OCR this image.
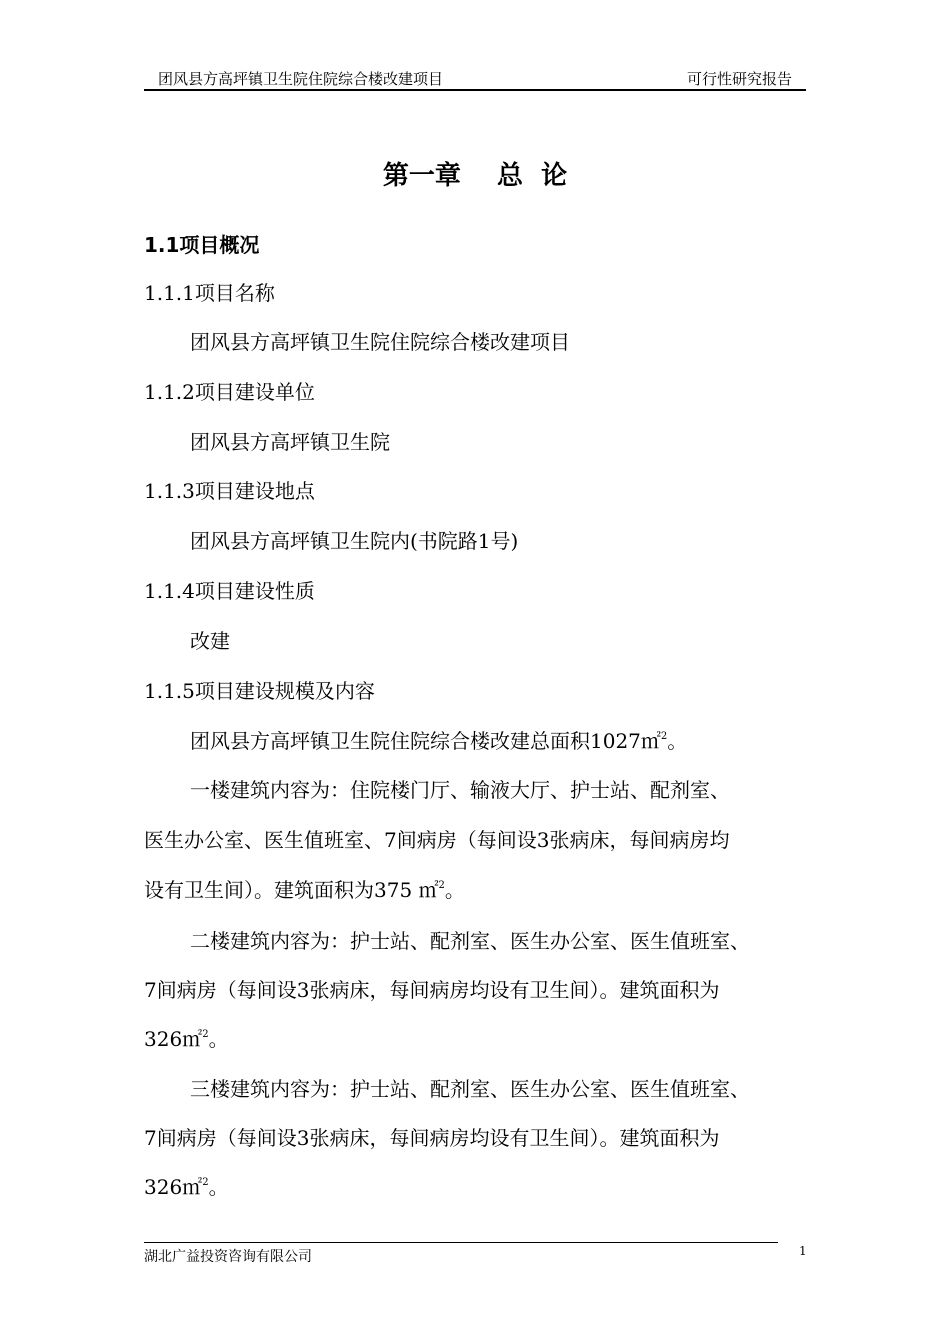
团风县方高坪镇卫生院住院综合楼改建项目	可行性研究报告
第一章    总  论
1.1项目概况
1.1.1项目名称
团风县方高坪镇卫生院住院综合楼改建项目
1.1.2项目建设单位
团风县方高坪镇卫生院
1.1.3项目建设地点
团风县方高坪镇卫生院内(书院路1号)
1.1.4项目建设性质
改建
1.1.5项目建设规模及内容
团风县方高坪镇卫生院住院综合楼改建总面积1027㎡$^2$。
一楼建筑内容为：住院楼门厅、输液大厅、护士站、配剂室、
医生办公室、医生值班室、7间病房（每间设3张病床，每间病房均
设有卫生间）。建筑面积为375 ㎡$^2$。
二楼建筑内容为：护士站、配剂室、医生办公室、医生值班室、
7间病房（每间设3张病床，每间病房均设有卫生间）。建筑面积为
326㎡$^2$。
三楼建筑内容为：护士站、配剂室、医生办公室、医生值班室、
7间病房（每间设3张病床，每间病房均设有卫生间）。建筑面积为
326㎡$^2$。
湖北广益投资咨询有限公司	1
